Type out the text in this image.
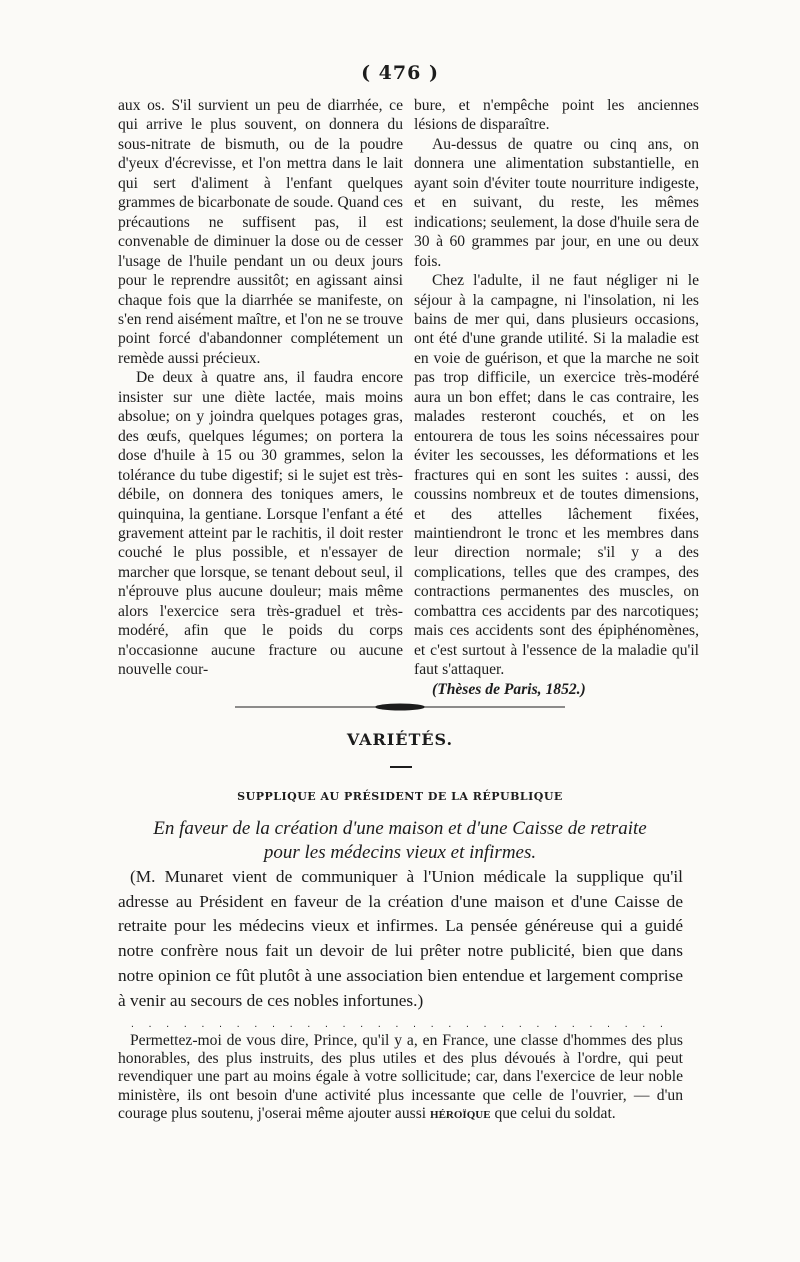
( 476 )

aux os. S'il survient un peu de diarrhée, ce qui arrive le plus souvent, on donnera du sous-nitrate de bismuth, ou de la poudre d'yeux d'écrevisse, et l'on mettra dans le lait qui sert d'aliment à l'enfant quelques grammes de bicarbonate de soude. Quand ces précautions ne suffisent pas, il est convenable de diminuer la dose ou de cesser l'usage de l'huile pendant un ou deux jours pour le reprendre aussitôt; en agissant ainsi chaque fois que la diarrhée se manifeste, on s'en rend aisément maître, et l'on ne se trouve point forcé d'abandonner complétement un remède aussi précieux.

De deux à quatre ans, il faudra encore insister sur une diète lactée, mais moins absolue; on y joindra quelques potages gras, des œufs, quelques légumes; on portera la dose d'huile à 15 ou 30 grammes, selon la tolérance du tube digestif; si le sujet est très-débile, on donnera des toniques amers, le quinquina, la gentiane. Lorsque l'enfant a été gravement atteint par le rachitis, il doit rester couché le plus possible, et n'essayer de marcher que lorsque, se tenant debout seul, il n'éprouve plus aucune douleur; mais même alors l'exercice sera très-graduel et très-modéré, afin que le poids du corps n'occasionne aucune fracture ou aucune nouvelle cour-

bure, et n'empêche point les anciennes lésions de disparaître.

Au-dessus de quatre ou cinq ans, on donnera une alimentation substantielle, en ayant soin d'éviter toute nourriture indigeste, et en suivant, du reste, les mêmes indications; seulement, la dose d'huile sera de 30 à 60 grammes par jour, en une ou deux fois.

Chez l'adulte, il ne faut négliger ni le séjour à la campagne, ni l'insolation, ni les bains de mer qui, dans plusieurs occasions, ont été d'une grande utilité. Si la maladie est en voie de guérison, et que la marche ne soit pas trop difficile, un exercice très-modéré aura un bon effet; dans le cas contraire, les malades resteront couchés, et on les entourera de tous les soins nécessaires pour éviter les secousses, les déformations et les fractures qui en sont les suites : aussi, des coussins nombreux et de toutes dimensions, et des attelles lâchement fixées, maintiendront le tronc et les membres dans leur direction normale; s'il y a des complications, telles que des crampes, des contractions permanentes des muscles, on combattra ces accidents par des narcotiques; mais ces accidents sont des épiphénomènes, et c'est surtout à l'essence de la maladie qu'il faut s'attaquer.

(Thèses de Paris, 1852.)

VARIÉTÉS.
SUPPLIQUE AU PRÉSIDENT DE LA RÉPUBLIQUE
En faveur de la création d'une maison et d'une Caisse de retraite
pour les médecins vieux et infirmes.

(M. Munaret vient de communiquer à l'Union médicale la supplique qu'il adresse au Président en faveur de la création d'une maison et d'une Caisse de retraite pour les médecins vieux et infirmes. La pensée généreuse qui a guidé notre confrère nous fait un devoir de lui prêter notre publicité, bien que dans notre opinion ce fût plutôt à une association bien entendue et largement comprise à venir au secours de ces nobles infortunes.)

. . . . . . . . . . . . . . . . . . . . . . . . . . . . . . .

Permettez-moi de vous dire, Prince, qu'il y a, en France, une classe d'hommes des plus honorables, des plus instruits, des plus utiles et des plus dévoués à l'ordre, qui peut revendiquer une part au moins égale à votre sollicitude; car, dans l'exercice de leur noble ministère, ils ont besoin d'une activité plus incessante que celle de l'ouvrier, — d'un courage plus soutenu, j'oserai même ajouter aussi héroïque que celui du soldat.
